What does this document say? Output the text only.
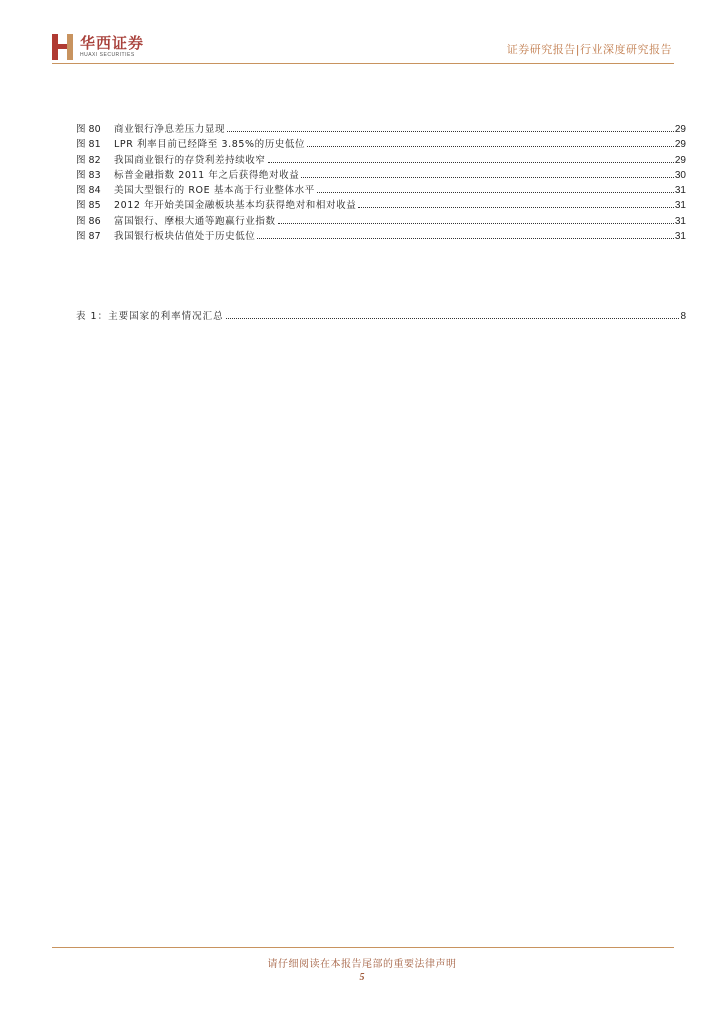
华西证券
HUAXI SECURITIES	证券研究报告|行业深度研究报告
图 80	商业银行净息差压力显现	29
图 81	LPR 利率目前已经降至 3.85%的历史低位	29
图 82	我国商业银行的存贷利差持续收窄	29
图 83	标普金融指数 2011 年之后获得绝对收益	30
图 84	美国大型银行的 ROE 基本高于行业整体水平	31
图 85	2012 年开始美国金融板块基本均获得绝对和相对收益	31
图 86	富国银行、摩根大通等跑赢行业指数	31
图 87	我国银行板块估值处于历史低位	31
表 1： 主要国家的利率情况汇总	8
请仔细阅读在本报告尾部的重要法律声明
5
